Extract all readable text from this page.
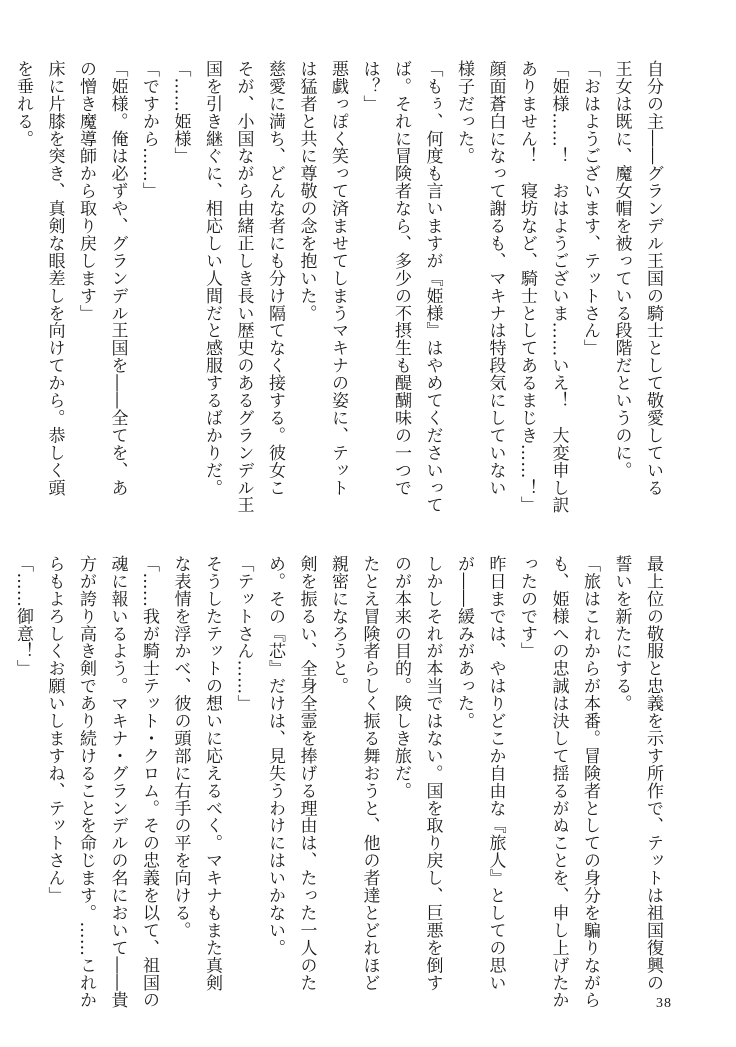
自分の主――グランデル王国の騎士として敬愛している
王女は既に、魔女帽を被っている段階だというのに。
「おはようございます、テットさん」
「姫様……！　おはようございま……いえ！　大変申し訳
ありません！　寝坊など、騎士としてあるまじき……！」
顔面蒼白になって謝るも、マキナは特段気にしていない
様子だった。
「もぅ、何度も言いますが『姫様』はやめてくださいって
ば。それに冒険者なら、多少の不摂生も醍醐味の一つで
は？」
悪戯っぽく笑って済ませてしまうマキナの姿に、テット
は猛者と共に尊敬の念を抱いた。
慈愛に満ち、どんな者にも分け隔てなく接する。彼女こ
そが、小国ながら由緒正しき長い歴史のあるグランデル王
国を引き継ぐに、相応しい人間だと感服するばかりだ。
「……姫様」
「ですから……」
「姫様。俺は必ずや、グランデル王国を――全てを、あ
の憎き魔導師から取り戻します」
床に片膝を突き、真剣な眼差しを向けてから。恭しく頭
を垂れる。
最上位の敬服と忠義を示す所作で、テットは祖国復興の
誓いを新たにする。
「旅はこれからが本番。冒険者としての身分を騙りながら
も、姫様への忠誠は決して揺るがぬことを、申し上げたか
ったのです」
昨日までは、やはりどこか自由な『旅人』としての思い
が――緩みがあった。
しかしそれが本当ではない。国を取り戻し、巨悪を倒す
のが本来の目的。険しき旅だ。
たとえ冒険者らしく振る舞おうと、他の者達とどれほど
親密になろうと。
剣を振るい、全身全霊を捧げる理由は、たった一人のた
め。その『芯』だけは、見失うわけにはいかない。
「テットさん……」
そうしたテットの想いに応えるべく。マキナもまた真剣
な表情を浮かべ、彼の頭部に右手の平を向ける。
「……我が騎士テット・クロム。その忠義を以て、祖国の
魂に報いるよう。マキナ・グランデルの名において――貴
方が誇り高き剣であり続けることを命じます。……これか
らもよろしくお願いしますね、テットさん」
「……御意！」
38
